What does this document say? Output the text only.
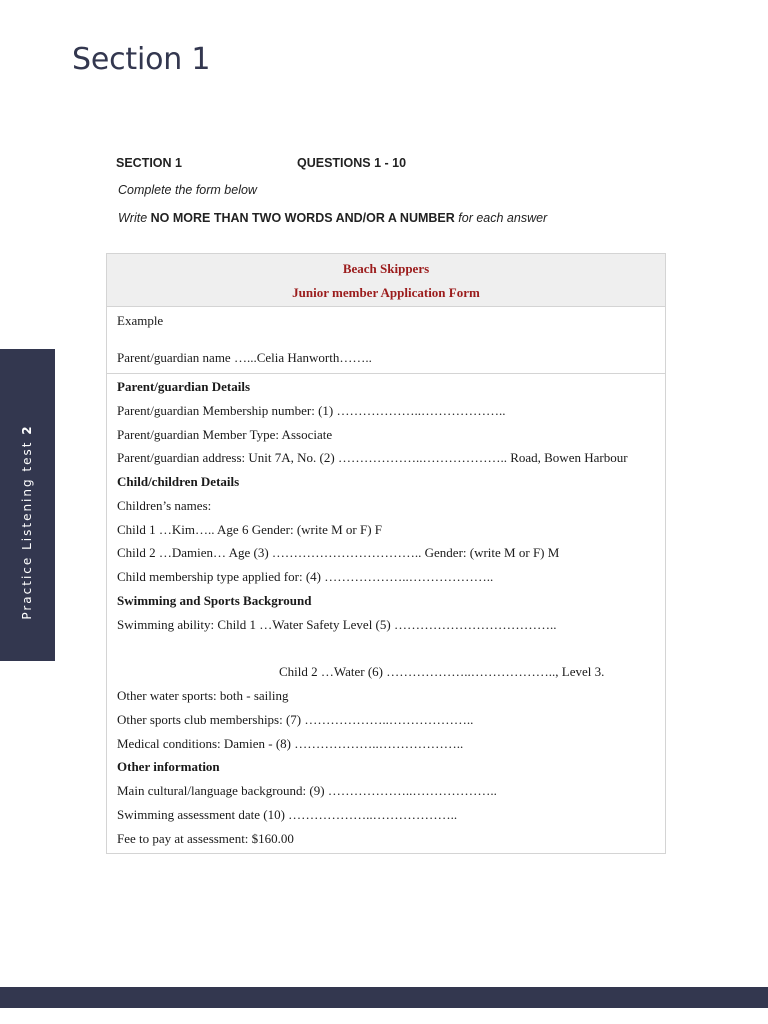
Section 1
Practice Listening test 2
SECTION 1	QUESTIONS 1 - 10
Complete the form below
Write NO MORE THAN TWO WORDS AND/OR A NUMBER for each answer
Beach Skippers
Junior member Application Form
Example
Parent/guardian name …...Celia Hanworth……..
Parent/guardian Details
Parent/guardian Membership number: (1) ………………..………………..
Parent/guardian Member Type: Associate
Parent/guardian address: Unit 7A, No. (2) ………………..……………….. Road, Bowen Harbour
Child/children Details
Children’s names:
Child 1 …Kim….. Age 6 Gender: (write M or F) F
Child 2 …Damien… Age (3) …………………………….. Gender: (write M or F) M
Child membership type applied for: (4) ………………..………………..
Swimming and Sports Background
Swimming ability: Child 1 …Water Safety Level (5) ………………………………..
Child 2 …Water (6) ………………..……………….., Level 3.
Other water sports: both - sailing
Other sports club memberships: (7) ………………..………………..
Medical conditions: Damien - (8) ………………..………………..
Other information
Main cultural/language background: (9) ………………..………………..
Swimming assessment date (10) ………………..………………..
Fee to pay at assessment: $160.00
